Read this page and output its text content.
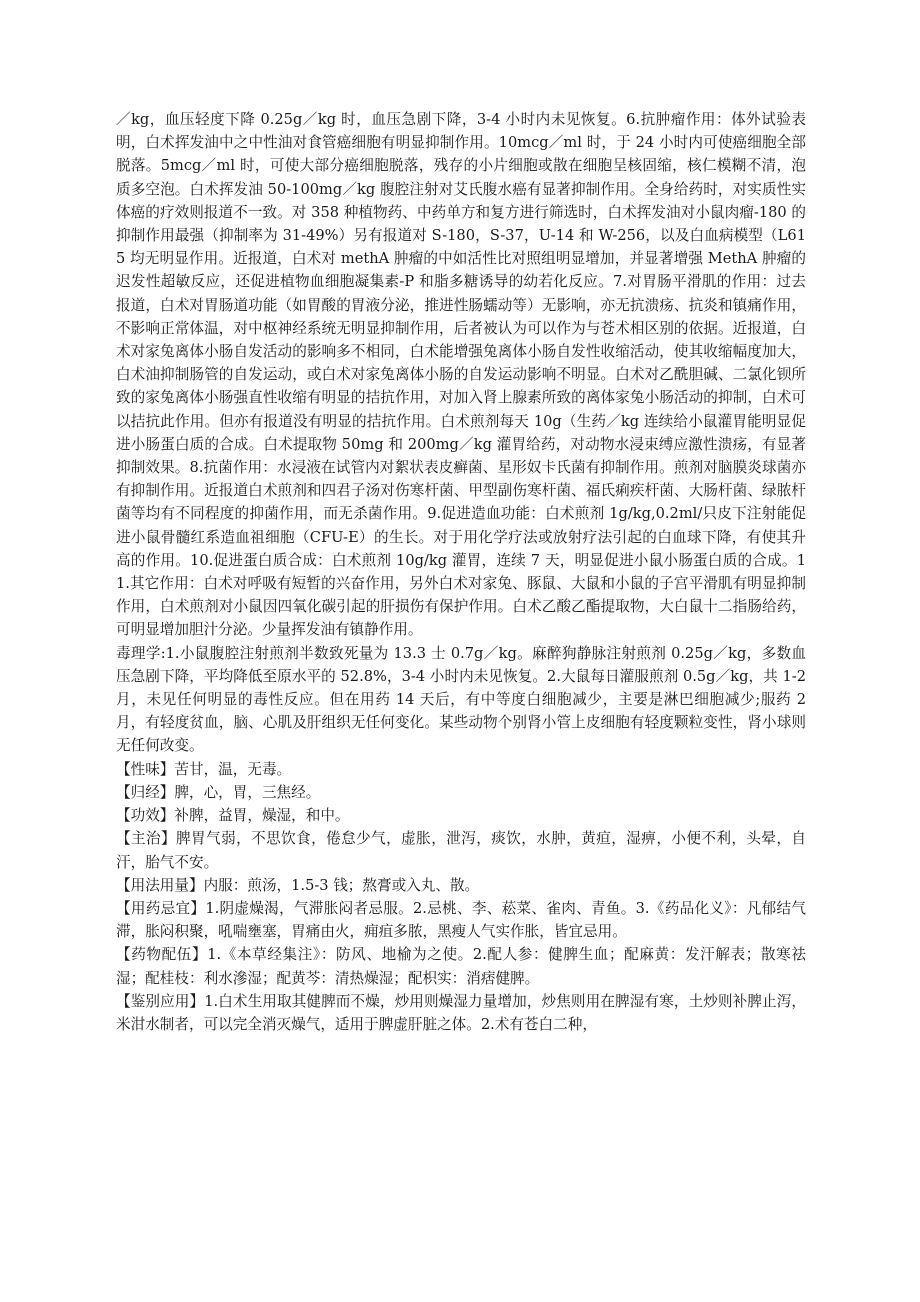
／kg，血压轻度下降 0.25g／kg 时，血压急剧下降，3-4 小时内未见恢复。6.抗肿瘤作用：体外试验表明，白术挥发油中之中性油对食管癌细胞有明显抑制作用。10mcg／ml 时，于 24 小时内可使癌细胞全部脱落。5mcg／ml 时，可使大部分癌细胞脱落，残存的小片细胞或散在细胞呈核固缩，核仁模糊不清，泡质多空泡。白术挥发油 50-100mg／kg 腹腔注射对艾氏腹水癌有显著抑制作用。全身给药时，对实质性实体癌的疗效则报道不一致。对 358 种植物药、中药单方和复方进行筛选时，白术挥发油对小鼠肉瘤-180 的抑制作用最强（抑制率为 31-49%）另有报道对 S-180，S-37，U-14 和 W-256，以及白血病模型（L615 均无明显作用。近报道，白术对 methA 肿瘤的中如活性比对照组明显增加，并显著增强 MethA 肿瘤的迟发性超敏反应，还促进植物血细胞凝集素-P 和脂多糖诱导的幼若化反应。7.对胃肠平滑肌的作用：过去报道，白术对胃肠道功能（如胃酸的胃液分泌，推进性肠蠕动等）无影响，亦无抗溃疡、抗炎和镇痛作用，不影响正常体温，对中枢神经系统无明显抑制作用，后者被认为可以作为与苍术相区别的依据。近报道，白术对家兔离体小肠自发活动的影响多不相同，白术能增强兔离体小肠自发性收缩活动，使其收缩幅度加大，白术油抑制肠管的自发运动，或白术对家兔离体小肠的自发运动影响不明显。白术对乙酰胆碱、二氯化钡所致的家兔离体小肠强直性收缩有明显的拮抗作用，对加入肾上腺素所致的离体家兔小肠活动的抑制，白术可以拮抗此作用。但亦有报道没有明显的拮抗作用。白术煎剂每天 10g（生药／kg 连续给小鼠灌胃能明显促进小肠蛋白质的合成。白术提取物 50mg 和 200mg／kg 灌胃给药，对动物水浸束缚应激性溃疡，有显著抑制效果。8.抗菌作用：水浸液在试管内对絮状表皮癣菌、星形奴卡氏菌有抑制作用。煎剂对脑膜炎球菌亦有抑制作用。近报道白术煎剂和四君子汤对伤寒杆菌、甲型副伤寒杆菌、福氏痢疾杆菌、大肠杆菌、绿脓杆菌等均有不同程度的抑菌作用，而无杀菌作用。9.促进造血功能：白术煎剂 1g/kg,0.2ml/只皮下注射能促进小鼠骨髓红系造血祖细胞（CFU-E）的生长。对于用化学疗法或放射疗法引起的白血球下降，有使其升高的作用。10.促进蛋白质合成：白术煎剂 10g/kg 灌胃，连续 7 天，明显促进小鼠小肠蛋白质的合成。11.其它作用：白术对呼吸有短暂的兴奋作用，另外白术对家兔、豚鼠、大鼠和小鼠的子宫平滑肌有明显抑制作用，白术煎剂对小鼠因四氧化碳引起的肝损伤有保护作用。白术乙酸乙酯提取物，大白鼠十二指肠给药，可明显增加胆汁分泌。少量挥发油有镇静作用。

毒理学:1.小鼠腹腔注射煎剂半数致死量为 13.3 士 0.7g／kg。麻醉狗静脉注射煎剂 0.25g／kg，多数血压急剧下降，平均降低至原水平的 52.8%，3-4 小时内未见恢复。2.大鼠每日灌服煎剂 0.5g／kg，共 1-2 月，未见任何明显的毒性反应。但在用药 14 天后，有中等度白细胞减少，主要是淋巴细胞减少;服药 2 月，有轻度贫血，脑、心肌及肝组织无任何变化。某些动物个别肾小管上皮细胞有轻度颗粒变性，肾小球则无任何改变。

【性味】苦甘，温，无毒。

【归经】脾，心，胃，三焦经。

【功效】补脾，益胃，燥湿，和中。

【主治】脾胃气弱，不思饮食，倦怠少气，虚胀，泄泻，痰饮，水肿，黄疸，湿痹，小便不利，头晕，自汗，胎气不安。

【用法用量】内服：煎汤，1.5-3 钱；熬膏或入丸、散。

【用药忌宜】1.阴虚燥渴，气滞胀闷者忌服。2.忌桃、李、菘菜、雀肉、青鱼。3.《药品化义》：凡郁结气滞，胀闷积聚，吼喘壅塞，胃痛由火，痈疽多脓，黑瘦人气实作胀，皆宜忌用。

【药物配伍】1.《本草经集注》：防风、地榆为之使。2.配人参：健脾生血；配麻黄：发汗解表；散寒祛湿；配桂枝：利水滲湿；配黄芩：清热燥湿；配枳实：消痞健脾。

【鉴别应用】1.白术生用取其健脾而不燥，炒用则燥湿力量增加，炒焦则用在脾湿有寒，土炒则补脾止泻，米泔水制者，可以完全消灭燥气，适用于脾虚肝脏之体。2.术有苍白二种，
